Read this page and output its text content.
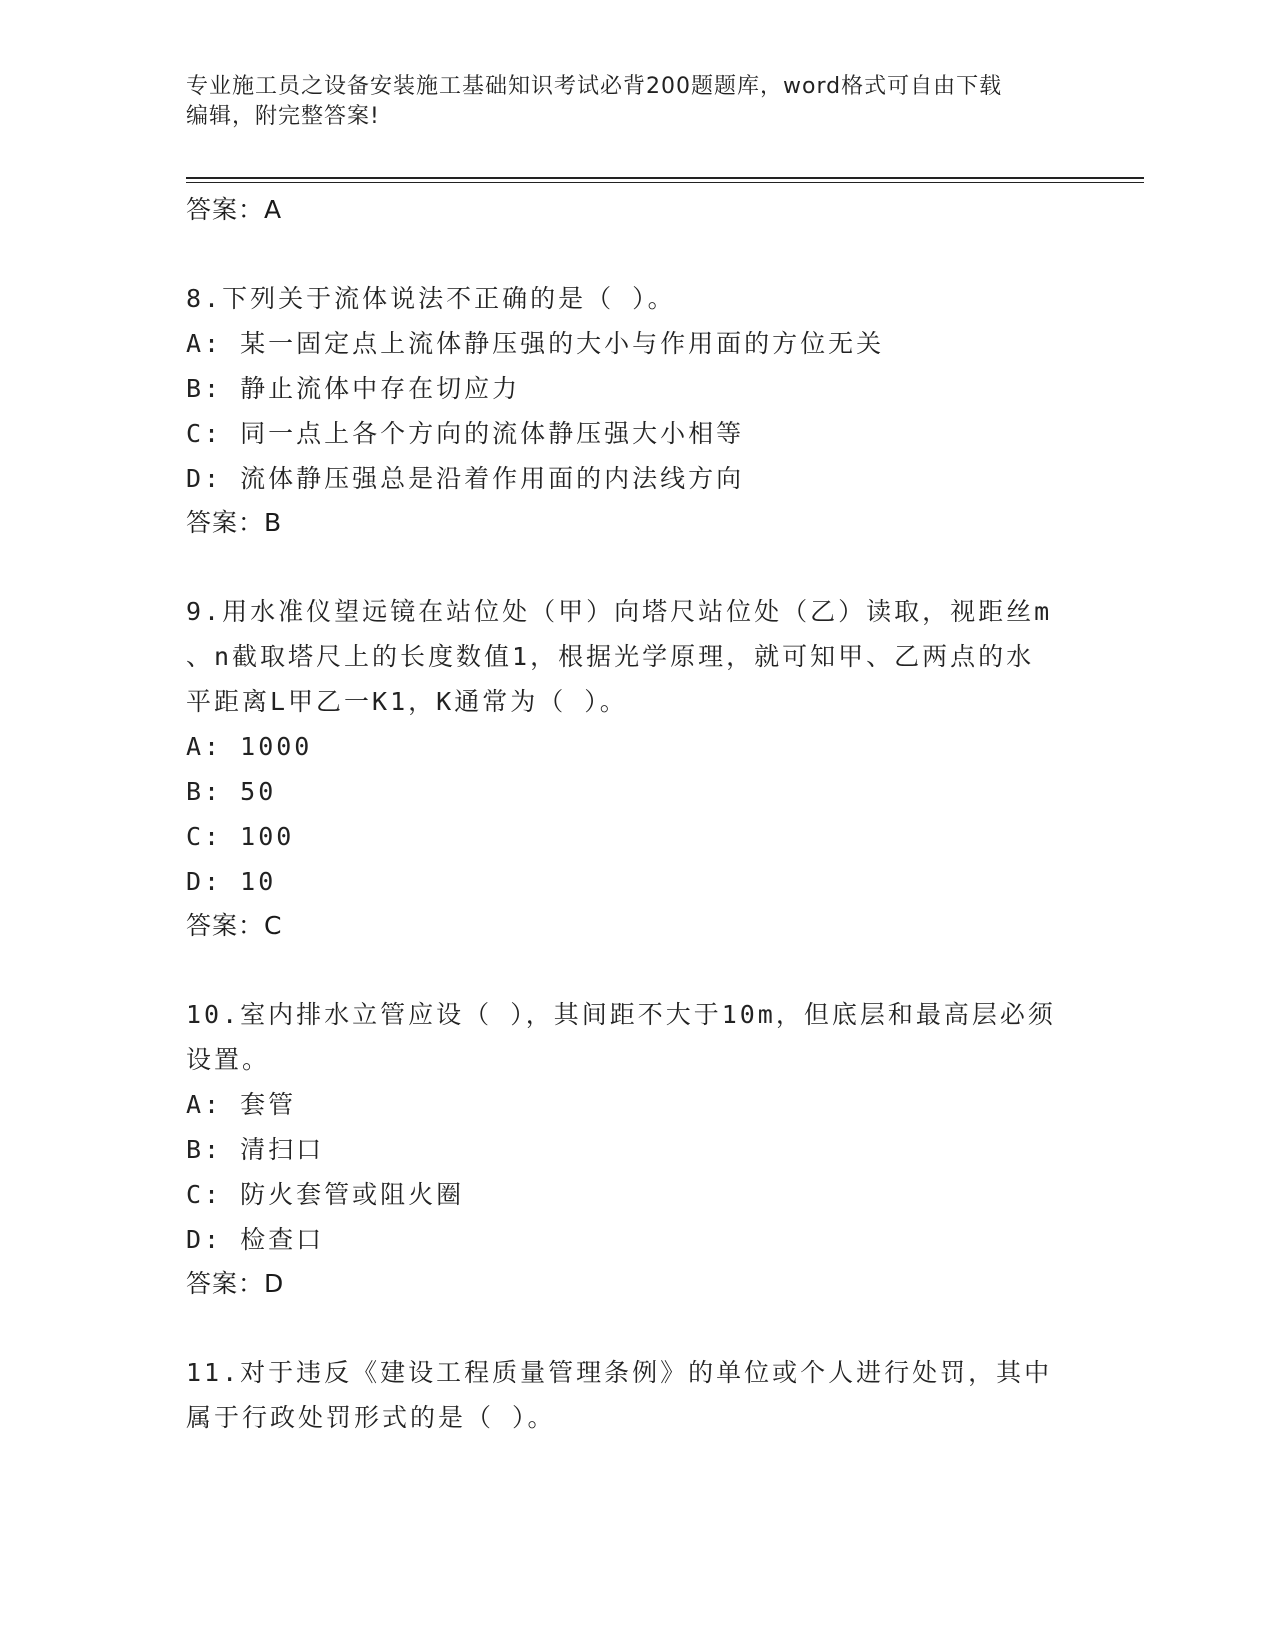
专业施工员之设备安装施工基础知识考试必背200题题库，word格式可自由下载
编辑，附完整答案!
答案：A
8.下列关于流体说法不正确的是（ ）。
A: 某一固定点上流体静压强的大小与作用面的方位无关
B: 静止流体中存在切应力
C: 同一点上各个方向的流体静压强大小相等
D: 流体静压强总是沿着作用面的内法线方向
答案：B
9.用水准仪望远镜在站位处（甲）向塔尺站位处（乙）读取，视距丝m
、n截取塔尺上的长度数值1，根据光学原理，就可知甲、乙两点的水
平距离L甲乙一K1，K通常为（ ）。
A: 1000
B: 50
C: 100
D: 10
答案：C
10.室内排水立管应设（ ），其间距不大于10m，但底层和最高层必须
设置。
A: 套管
B: 清扫口
C: 防火套管或阻火圈
D: 检查口
答案：D
11.对于违反《建设工程质量管理条例》的单位或个人进行处罚，其中
属于行政处罚形式的是（ ）。
